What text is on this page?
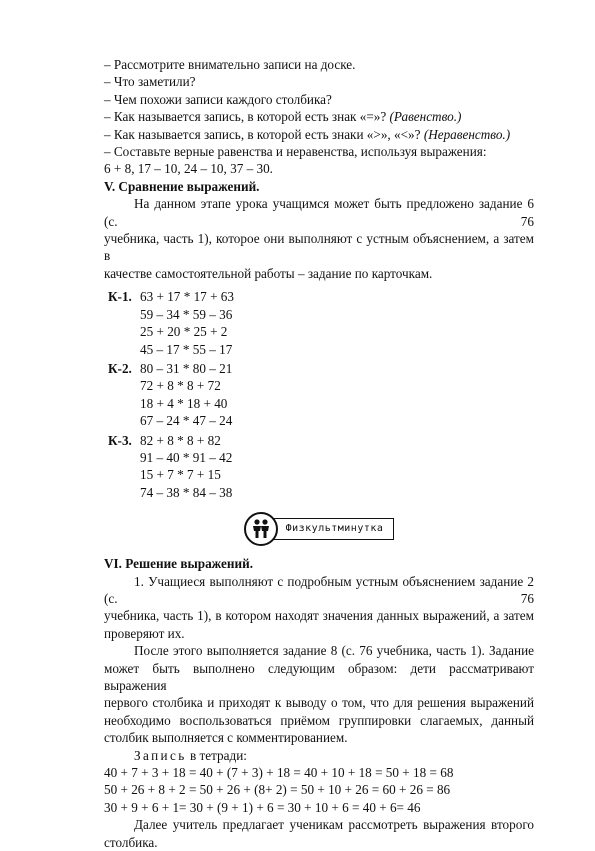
– Рассмотрите внимательно записи на доске.
– Что заметили?
– Чем похожи записи каждого столбика?
– Как называется запись, в которой есть знак «=»? (Равенство.)
– Как называется запись, в которой есть знаки «>», «<»? (Неравенство.)
– Составьте верные равенства и неравенства, используя выражения:
6 + 8, 17 – 10, 24 – 10, 37 – 30.
V. Сравнение выражений.
На данном этапе урока учащимся может быть предложено задание 6 (с. 76
учебника, часть 1), которое они выполняют с устным объяснением, а затем в
качестве самостоятельной работы – задание по карточкам.
К-1. 63 + 17 * 17 + 63
59 – 34 * 59 – 36
25 + 20 * 25 + 2
45 – 17 * 55 – 17
К-2. 80 – 31 * 80 – 21
72 + 8 * 8 + 72
18 + 4 * 18 + 40
67 – 24 * 47 – 24
К-3. 82 + 8 * 8 + 82
91 – 40 * 91 – 42
15 + 7 * 7 + 15
74 – 38 * 84 – 38
Физкультминутка
VI. Решение выражений.
1. Учащиеся выполняют с подробным устным объяснением задание 2 (с. 76
учебника, часть 1), в котором находят значения данных выражений, а затем
проверяют их.
После этого выполняется задание 8 (с. 76 учебника, часть 1). Задание
может быть выполнено следующим образом: дети рассматривают выражения
первого столбика и приходят к выводу о том, что для решения выражений
необходимо воспользоваться приёмом группировки слагаемых, данный
столбик выполняется с комментированием.
Запись в тетради:
40 + 7 + 3 + 18 = 40 + (7 + 3) + 18 = 40 + 10 + 18 = 50 + 18 = 68
50 + 26 + 8 + 2 = 50 + 26 + (8+ 2) = 50 + 10 + 26 = 60 + 26 = 86
30 + 9 + 6 + 1= 30 + (9 + 1) + 6 = 30 + 10 + 6 = 40 + 6= 46
Далее учитель предлагает ученикам рассмотреть выражения второго
столбика.
